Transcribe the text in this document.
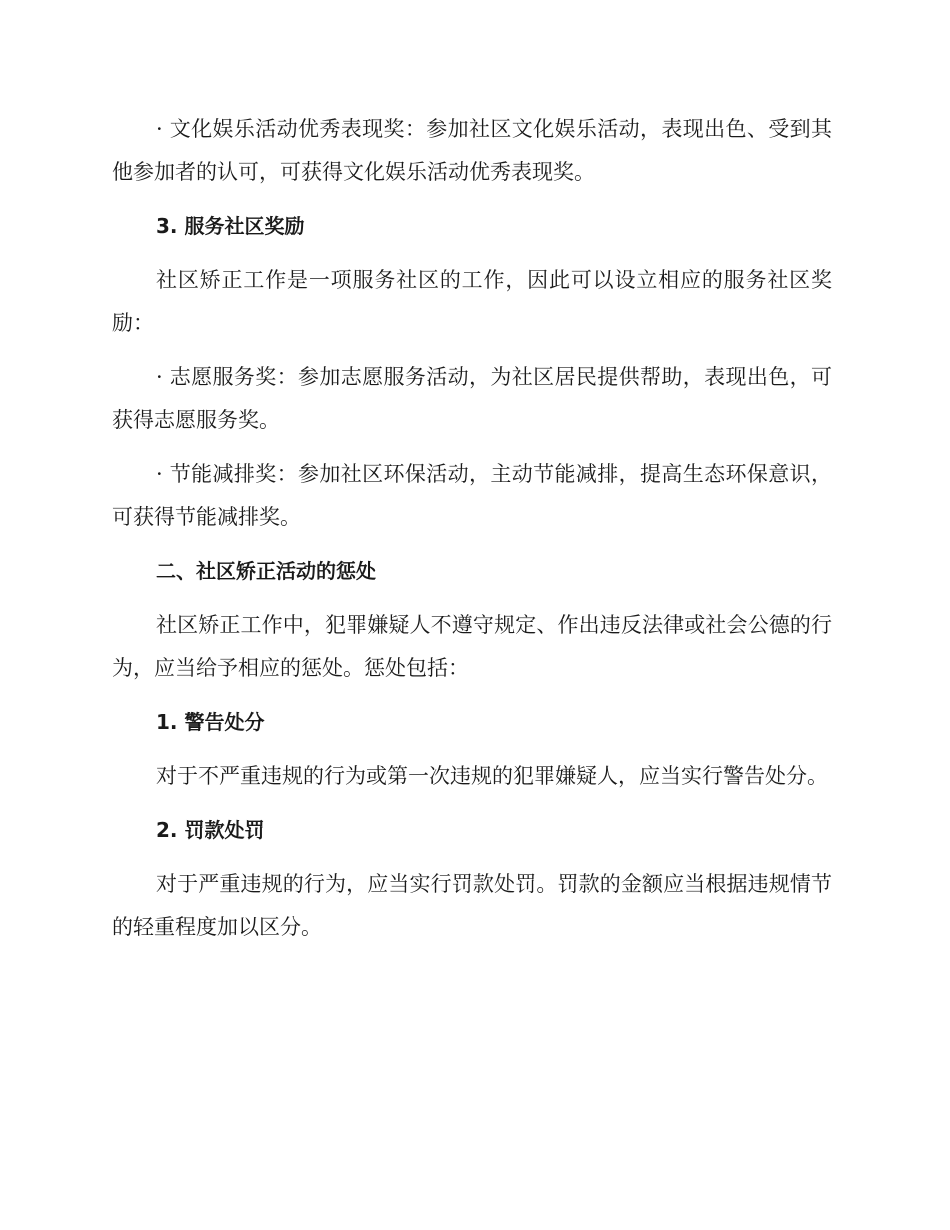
· 文化娱乐活动优秀表现奖：参加社区文化娱乐活动，表现出色、受到其他参加者的认可，可获得文化娱乐活动优秀表现奖。

3. 服务社区奖励

社区矫正工作是一项服务社区的工作，因此可以设立相应的服务社区奖励：

· 志愿服务奖：参加志愿服务活动，为社区居民提供帮助，表现出色，可获得志愿服务奖。

· 节能减排奖：参加社区环保活动，主动节能减排，提高生态环保意识，可获得节能减排奖。

二、社区矫正活动的惩处

社区矫正工作中，犯罪嫌疑人不遵守规定、作出违反法律或社会公德的行为，应当给予相应的惩处。惩处包括：

1. 警告处分

对于不严重违规的行为或第一次违规的犯罪嫌疑人，应当实行警告处分。

2. 罚款处罚

对于严重违规的行为，应当实行罚款处罚。罚款的金额应当根据违规情节的轻重程度加以区分。
